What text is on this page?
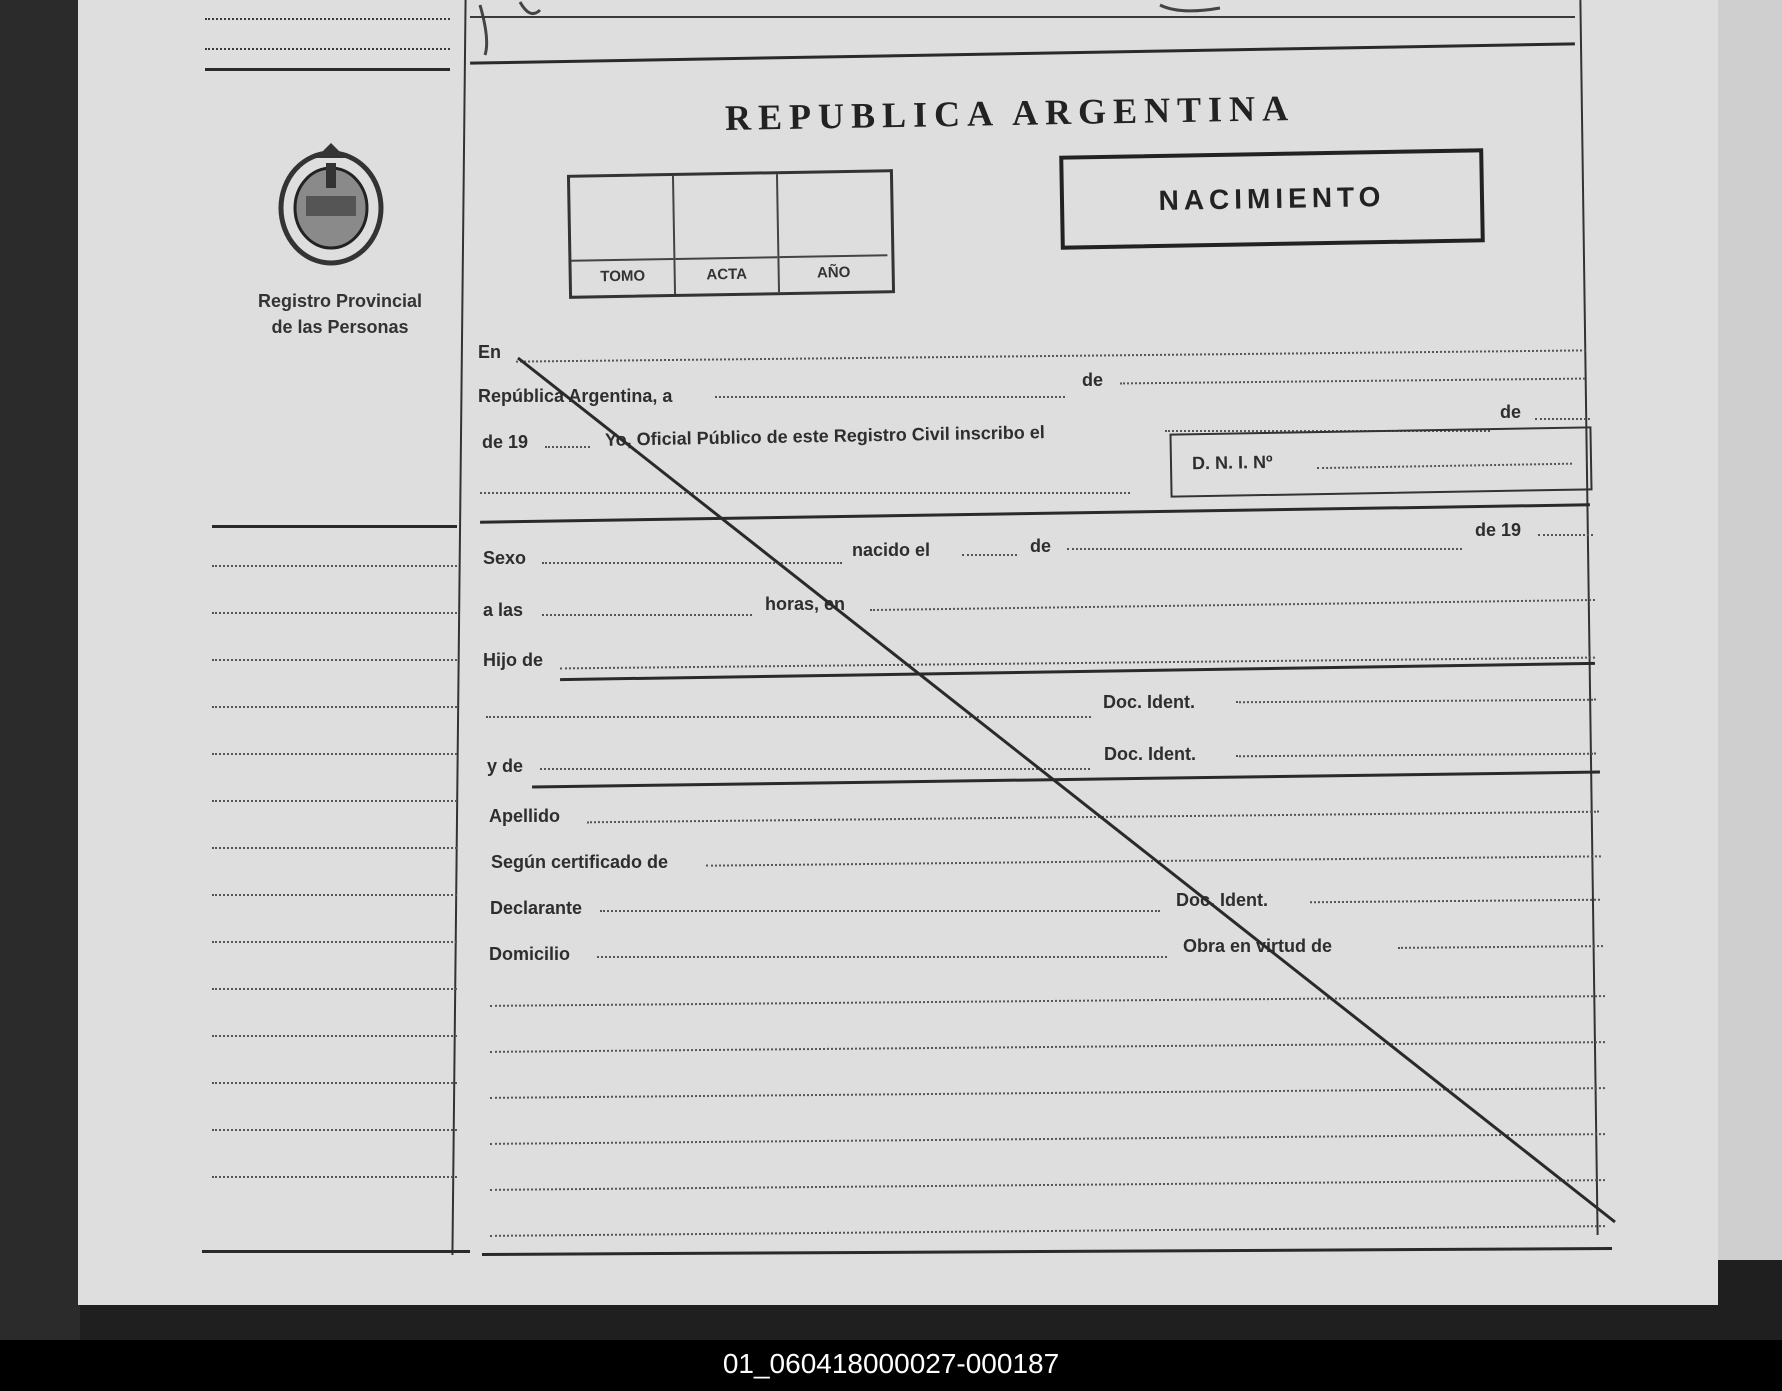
Registro Provincial
de las Personas
REPUBLICA ARGENTINA
TOMO	ACTA	AÑO
NACIMIENTO
En
República Argentina, a
de
de 19	Yo, Oficial Público de este Registro Civil inscribo el
de
D. N. I. Nº
Sexo	nacido el	de
de 19
a las	horas, en
Hijo de
Doc. Ident.
y de
Doc. Ident.
Apellido
Según certificado de
Declarante	Doc. Ident.
Domicilio	Obra en virtud de
01_060418000027-000187
